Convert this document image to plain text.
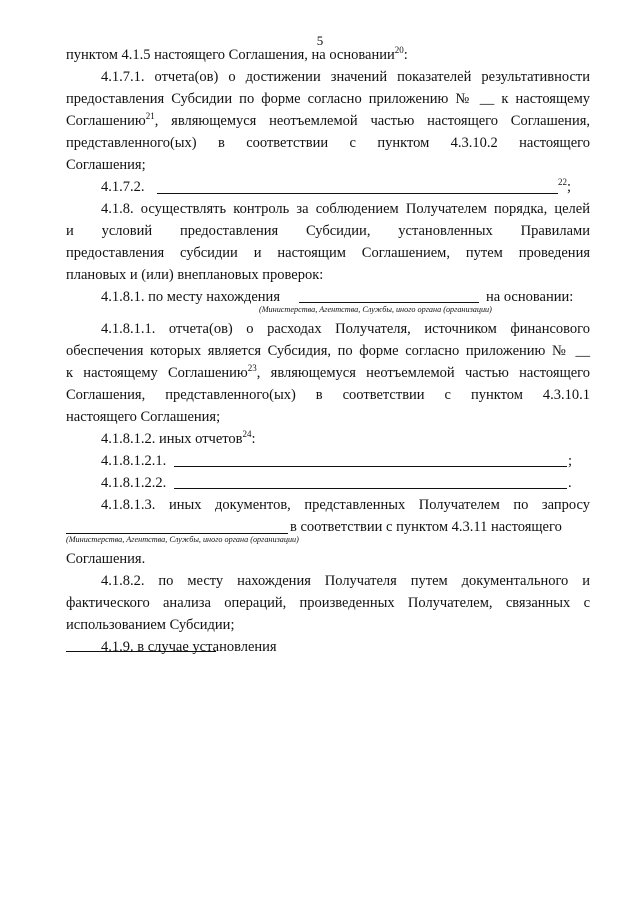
5
пунктом 4.1.5 настоящего Соглашения, на основании$^{20}$:
4.1.7.1. отчета(ов) о достижении значений показателей результативности
предоставления Субсидии по форме согласно приложению № __ к настоящему
Соглашению$^{21}$, являющемуся неотъемлемой частью настоящего Соглашения,
представленного(ых) в соответствии с пунктом 4.3.10.2 настоящего
Соглашения;
4.1.7.2.	$^{22}$;
4.1.8. осуществлять контроль за соблюдением Получателем порядка, целей
и условий предоставления Субсидии, установленных Правилами
предоставления субсидии и настоящим Соглашением, путем проведения
плановых и (или) внеплановых проверок:
4.1.8.1. по месту нахождения	на основании:
(Министерства, Агентства, Службы, иного органа (организации)
4.1.8.1.1. отчета(ов) о расходах Получателя, источником финансового
обеспечения которых является Субсидия, по форме согласно приложению № __
к настоящему Соглашению$^{23}$, являющемуся неотъемлемой частью настоящего
Соглашения, представленного(ых) в соответствии с пунктом 4.3.10.1
настоящего Соглашения;
4.1.8.1.2. иных отчетов$^{24}$:
4.1.8.1.2.1.	;
4.1.8.1.2.2.	.
4.1.8.1.3. иных документов, представленных Получателем по запросу
в соответствии с пунктом 4.3.11 настоящего
(Министерства, Агентства, Службы, иного органа (организации)
Соглашения.
4.1.8.2. по месту нахождения Получателя путем документального и
фактического анализа операций, произведенных Получателем, связанных с
использованием Субсидии;
4.1.9. в случае установления
